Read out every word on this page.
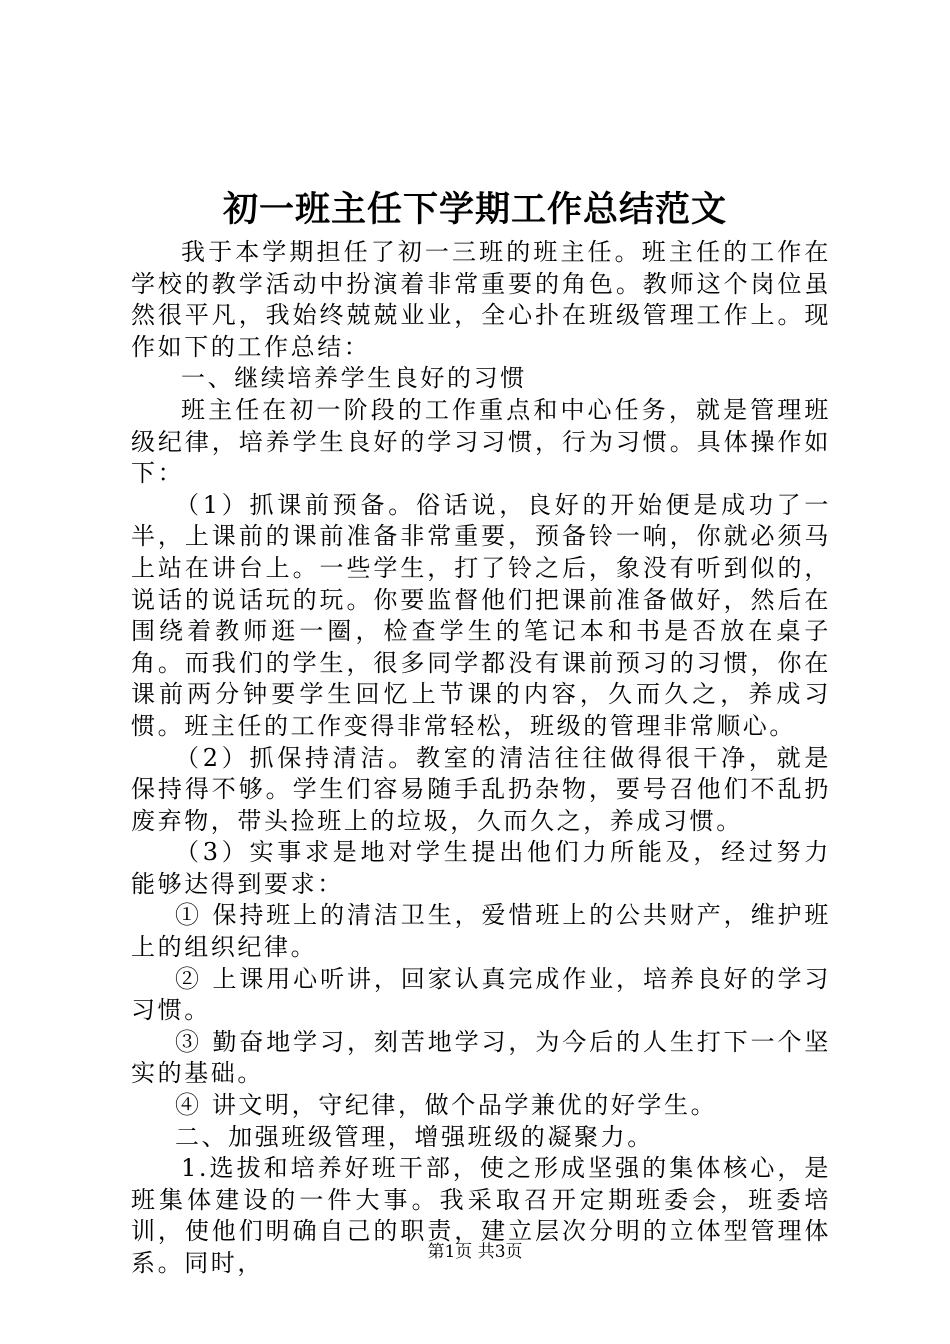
初一班主任下学期工作总结范文

我于本学期担任了初一三班的班主任。班主任的工作在学校的教学活动中扮演着非常重要的角色。教师这个岗位虽然很平凡，我始终兢兢业业，全心扑在班级管理工作上。现作如下的工作总结：

一、继续培养学生良好的习惯

班主任在初一阶段的工作重点和中心任务，就是管理班级纪律，培养学生良好的学习习惯，行为习惯。具体操作如下：

（1）抓课前预备。俗话说，良好的开始便是成功了一半，上课前的课前准备非常重要，预备铃一响，你就必须马上站在讲台上。一些学生，打了铃之后，象没有听到似的，说话的说话玩的玩。你要监督他们把课前准备做好，然后在围绕着教师逛一圈，检查学生的笔记本和书是否放在桌子角。而我们的学生，很多同学都没有课前预习的习惯，你在课前两分钟要学生回忆上节课的内容，久而久之，养成习惯。班主任的工作变得非常轻松，班级的管理非常顺心。

（2）抓保持清洁。教室的清洁往往做得很干净，就是保持得不够。学生们容易随手乱扔杂物，要号召他们不乱扔废弃物，带头捡班上的垃圾，久而久之，养成习惯。

（3）实事求是地对学生提出他们力所能及，经过努力能够达得到要求：

① 保持班上的清洁卫生，爱惜班上的公共财产，维护班上的组织纪律。

② 上课用心听讲，回家认真完成作业，培养良好的学习习惯。

③ 勤奋地学习，刻苦地学习，为今后的人生打下一个坚实的基础。

④ 讲文明，守纪律，做个品学兼优的好学生。

二、加强班级管理，增强班级的凝聚力。

1.选拔和培养好班干部，使之形成坚强的集体核心，是班集体建设的一件大事。我采取召开定期班委会，班委培训，使他们明确自己的职责，建立层次分明的立体型管理体系。同时，	第1页 共3页
